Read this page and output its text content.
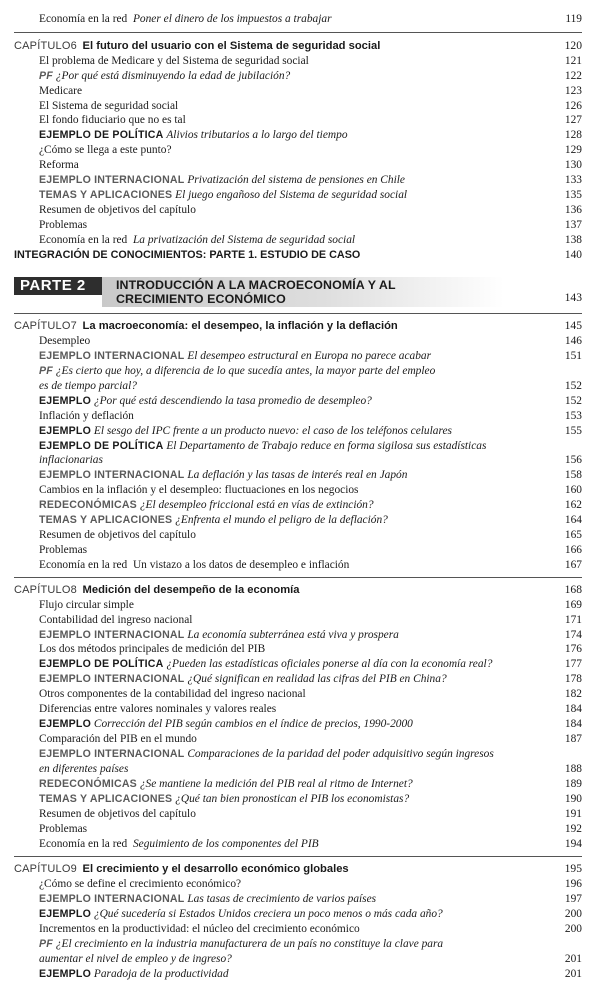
Economía en la red Poner el dinero de los impuestos a trabajar	119
CAPÍTULO6 El futuro del usuario con el Sistema de seguridad social	120
El problema de Medicare y del Sistema de seguridad social	121
PF ¿Por qué está disminuyendo la edad de jubilación?	122
Medicare	123
El Sistema de seguridad social	126
El fondo fiduciario que no es tal	127
EJEMPLO DE POLÍTICA Alivios tributarios a lo largo del tiempo	128
¿Cómo se llega a este punto?	129
Reforma	130
EJEMPLO INTERNACIONAL Privatización del sistema de pensiones en Chile	133
TEMAS Y APLICACIONES El juego engañoso del Sistema de seguridad social	135
Resumen de objetivos del capítulo	136
Problemas	137
Economía en la red La privatización del Sistema de seguridad social	138
INTEGRACIÓN DE CONOCIMIENTOS: PARTE 1. ESTUDIO DE CASO	140
PARTE 2	INTRODUCCIÓN A LA MACROECONOMÍA Y AL
CRECIMIENTO ECONÓMICO	143
CAPÍTULO7 La macroeconomía: el desempeo, la inflación y la deflación	145
Desempleo	146
EJEMPLO INTERNACIONAL El desempeo estructural en Europa no parece acabar	151
PF ¿Es cierto que hoy, a diferencia de lo que sucedía antes, la mayor parte del empleo
es de tiempo parcial?	152
EJEMPLO ¿Por qué está descendiendo la tasa promedio de desempleo?	152
Inflación y deflación	153
EJEMPLO El sesgo del IPC frente a un producto nuevo: el caso de los teléfonos celulares	155
EJEMPLO DE POLÍTICA El Departamento de Trabajo reduce en forma sigilosa sus estadísticas
inflacionarias	156
EJEMPLO INTERNACIONAL La deflación y las tasas de interés real en Japón	158
Cambios en la inflación y el desempleo: fluctuaciones en los negocios	160
REDECONÓMICAS ¿El desempleo friccional está en vías de extinción?	162
TEMAS Y APLICACIONES ¿Enfrenta el mundo el peligro de la deflación?	164
Resumen de objetivos del capítulo	165
Problemas	166
Economía en la red Un vistazo a los datos de desempleo e inflación	167
CAPÍTULO8 Medición del desempeño de la economía	168
Flujo circular simple	169
Contabilidad del ingreso nacional	171
EJEMPLO INTERNACIONAL La economía subterránea está viva y prospera	174
Los dos métodos principales de medición del PIB	176
EJEMPLO DE POLÍTICA ¿Pueden las estadísticas oficiales ponerse al día con la economía real?	177
EJEMPLO INTERNACIONAL ¿Qué significan en realidad las cifras del PIB en China?	178
Otros componentes de la contabilidad del ingreso nacional	182
Diferencias entre valores nominales y valores reales	184
EJEMPLO Corrección del PIB según cambios en el índice de precios, 1990-2000	184
Comparación del PIB en el mundo	187
EJEMPLO INTERNACIONAL Comparaciones de la paridad del poder adquisitivo según ingresos
en diferentes países	188
REDECONÓMICAS ¿Se mantiene la medición del PIB real al ritmo de Internet?	189
TEMAS Y APLICACIONES ¿Qué tan bien pronostican el PIB los economistas?	190
Resumen de objetivos del capítulo	191
Problemas	192
Economía en la red Seguimiento de los componentes del PIB	194
CAPÍTULO9 El crecimiento y el desarrollo económico globales	195
¿Cómo se define el crecimiento económico?	196
EJEMPLO INTERNACIONAL Las tasas de crecimiento de varios países	197
EJEMPLO ¿Qué sucedería si Estados Unidos creciera un poco menos o más cada año?	200
Incrementos en la productividad: el núcleo del crecimiento económico	200
PF ¿El crecimiento en la industria manufacturera de un país no constituye la clave para
aumentar el nivel de empleo y de ingreso?	201
EJEMPLO Paradoja de la productividad	201
